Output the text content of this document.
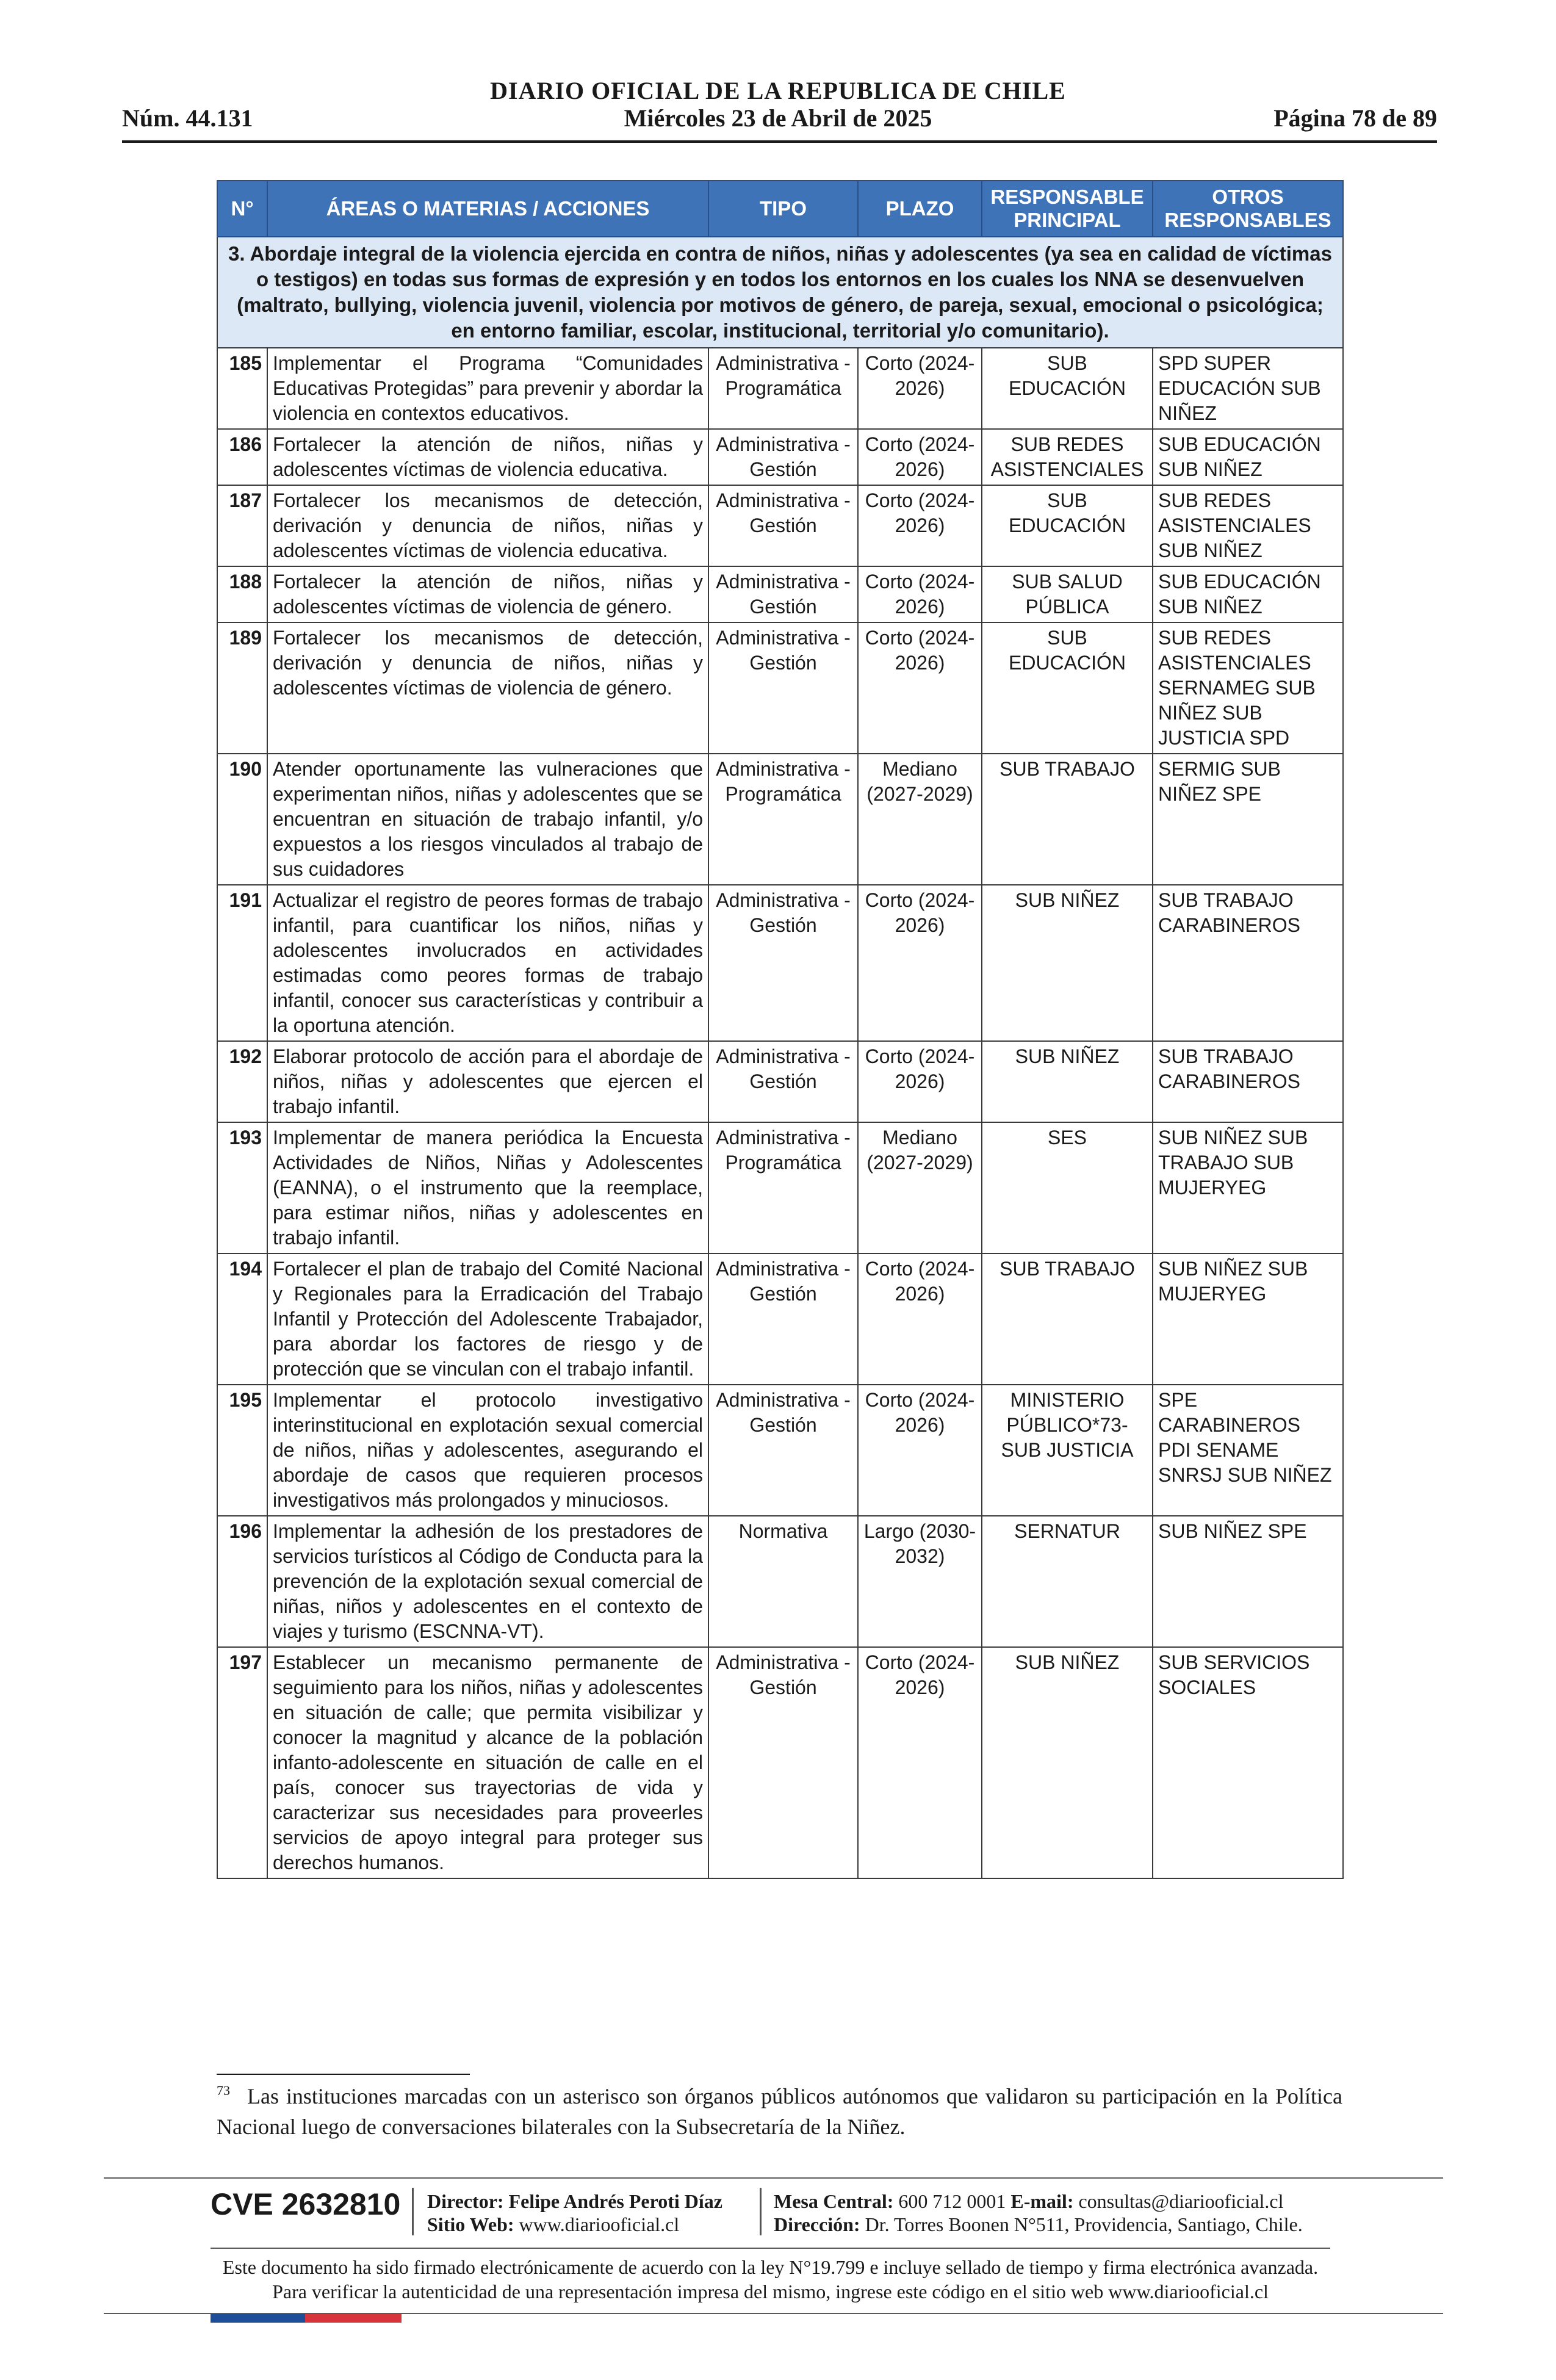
DIARIO OFICIAL DE LA REPUBLICA DE CHILE
Núm. 44.131	Miércoles 23 de Abril de 2025	Página 78 de 89
N°	ÁREAS O MATERIAS / ACCIONES	TIPO	PLAZO	RESPONSABLE PRINCIPAL	OTROS RESPONSABLES
3. Abordaje integral de la violencia ejercida en contra de niños, niñas y adolescentes (ya sea en calidad de víctimas o testigos) en todas sus formas de expresión y en todos los entornos en los cuales los NNA se desenvuelven (maltrato, bullying, violencia juvenil, violencia por motivos de género, de pareja, sexual, emocional o psicológica; en entorno familiar, escolar, institucional, territorial y/o comunitario).					
185	Implementar el Programa “Comunidades Educativas Protegidas” para prevenir y abordar la violencia en contextos educativos.	Administrativa - Programática	Corto (2024-2026)	SUB EDUCACIÓN	SPD SUPER EDUCACIÓN SUB NIÑEZ
186	Fortalecer la atención de niños, niñas y adolescentes víctimas de violencia educativa.	Administrativa - Gestión	Corto (2024-2026)	SUB REDES ASISTENCIALES	SUB EDUCACIÓN SUB NIÑEZ
187	Fortalecer los mecanismos de detección, derivación y denuncia de niños, niñas y adolescentes víctimas de violencia educativa.	Administrativa - Gestión	Corto (2024-2026)	SUB EDUCACIÓN	SUB REDES ASISTENCIALES SUB NIÑEZ
188	Fortalecer la atención de niños, niñas y adolescentes víctimas de violencia de género.	Administrativa - Gestión	Corto (2024-2026)	SUB SALUD PÚBLICA	SUB EDUCACIÓN SUB NIÑEZ
189	Fortalecer los mecanismos de detección, derivación y denuncia de niños, niñas y adolescentes víctimas de violencia de género.	Administrativa - Gestión	Corto (2024-2026)	SUB EDUCACIÓN	SUB REDES ASISTENCIALES SERNAMEG SUB NIÑEZ SUB JUSTICIA SPD
190	Atender oportunamente las vulneraciones que experimentan niños, niñas y adolescentes que se encuentran en situación de trabajo infantil, y/o expuestos a los riesgos vinculados al trabajo de sus cuidadores	Administrativa - Programática	Mediano (2027-2029)	SUB TRABAJO	SERMIG SUB NIÑEZ SPE
191	Actualizar el registro de peores formas de trabajo infantil, para cuantificar los niños, niñas y adolescentes involucrados en actividades estimadas como peores formas de trabajo infantil, conocer sus características y contribuir a la oportuna atención.	Administrativa - Gestión	Corto (2024-2026)	SUB NIÑEZ	SUB TRABAJO CARABINEROS
192	Elaborar protocolo de acción para el abordaje de niños, niñas y adolescentes que ejercen el trabajo infantil.	Administrativa - Gestión	Corto (2024-2026)	SUB NIÑEZ	SUB TRABAJO CARABINEROS
193	Implementar de manera periódica la Encuesta Actividades de Niños, Niñas y Adolescentes (EANNA), o el instrumento que la reemplace, para estimar niños, niñas y adolescentes en trabajo infantil.	Administrativa - Programática	Mediano (2027-2029)	SES	SUB NIÑEZ SUB TRABAJO SUB MUJERYEG
194	Fortalecer el plan de trabajo del Comité Nacional y Regionales para la Erradicación del Trabajo Infantil y Protección del Adolescente Trabajador, para abordar los factores de riesgo y de protección que se vinculan con el trabajo infantil.	Administrativa - Gestión	Corto (2024-2026)	SUB TRABAJO	SUB NIÑEZ SUB MUJERYEG
195	Implementar el protocolo investigativo interinstitucional en explotación sexual comercial de niños, niñas y adolescentes, asegurando el abordaje de casos que requieren procesos investigativos más prolongados y minuciosos.	Administrativa - Gestión	Corto (2024-2026)	MINISTERIO PÚBLICO*73- SUB JUSTICIA	SPE CARABINEROS PDI SENAME SNRSJ SUB NIÑEZ
196	Implementar la adhesión de los prestadores de servicios turísticos al Código de Conducta para la prevención de la explotación sexual comercial de niñas, niños y adolescentes en el contexto de viajes y turismo (ESCNNA-VT).	Normativa	Largo (2030-2032)	SERNATUR	SUB NIÑEZ SPE
197	Establecer un mecanismo permanente de seguimiento para los niños, niñas y adolescentes en situación de calle; que permita visibilizar y conocer la magnitud y alcance de la población infanto-adolescente en situación de calle en el país, conocer sus trayectorias de vida y caracterizar sus necesidades para proveerles servicios de apoyo integral para proteger sus derechos humanos.	Administrativa - Gestión	Corto (2024-2026)	SUB NIÑEZ	SUB SERVICIOS SOCIALES
$^{73}$ Las instituciones marcadas con un asterisco son órganos públicos autónomos que validaron su participación en la Política Nacional luego de conversaciones bilaterales con la Subsecretaría de la Niñez.
CVE 2632810 Director: Felipe Andrés Peroti Díaz
Sitio Web: www.diariooficial.cl
Mesa Central: 600 712 0001 E-mail: consultas@diariooficial.cl
Dirección: Dr. Torres Boonen N°511, Providencia, Santiago, Chile.
Este documento ha sido firmado electrónicamente de acuerdo con la ley N°19.799 e incluye sellado de tiempo y firma electrónica avanzada. Para verificar la autenticidad de una representación impresa del mismo, ingrese este código en el sitio web www.diariooficial.cl
